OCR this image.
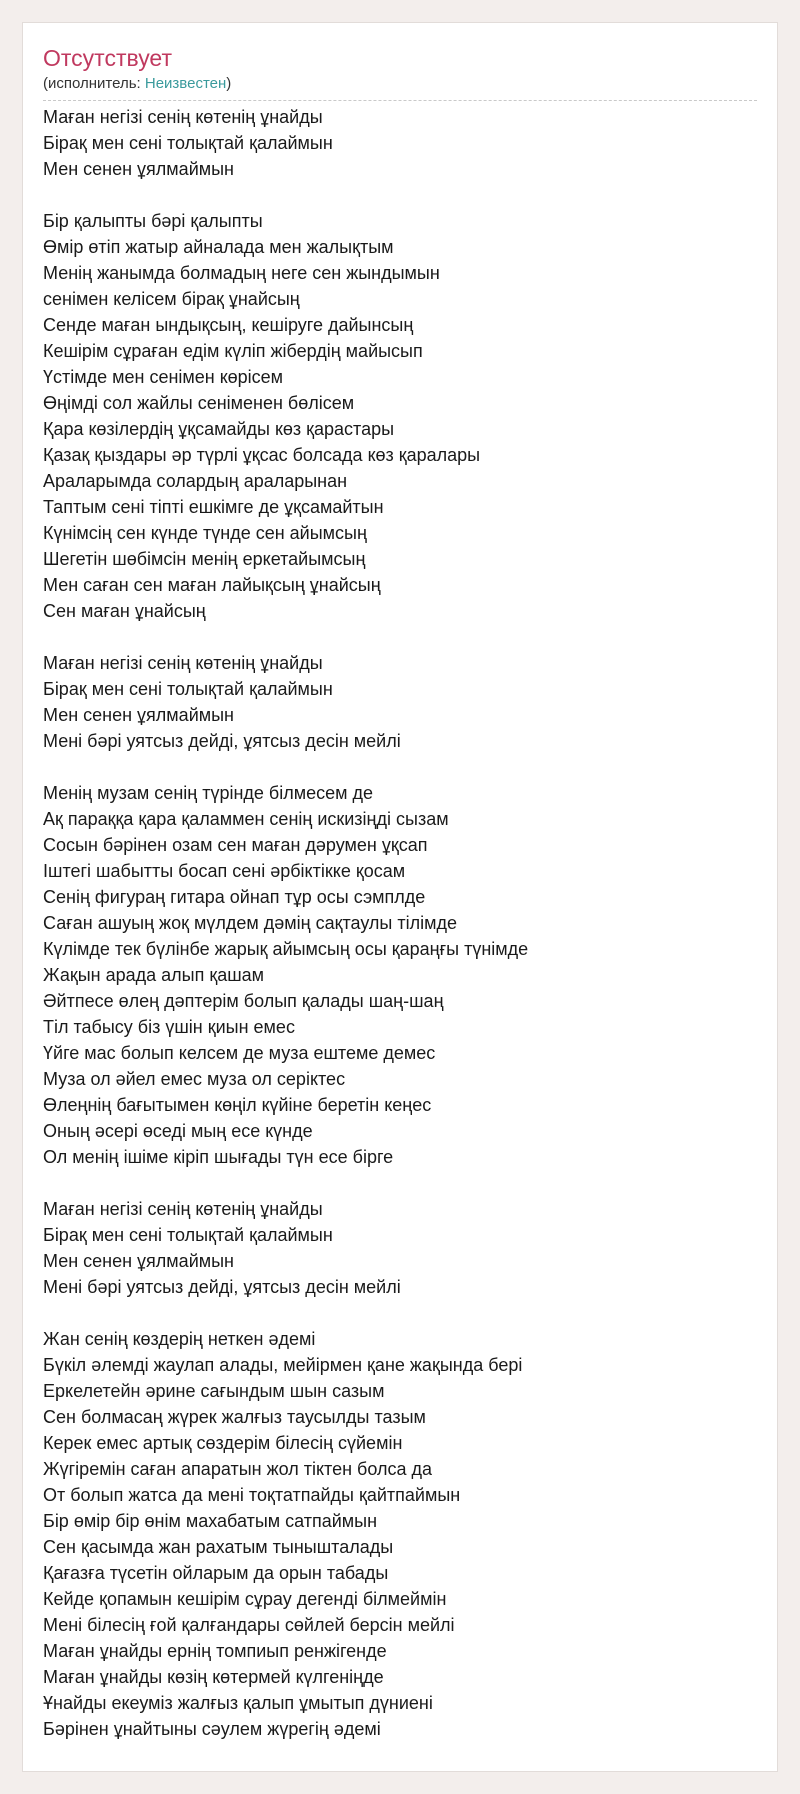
Отсутствует
(исполнитель: Неизвестен)
Маған негізі сенің көтенің ұнайды
Бірақ мен сені толықтай қалаймын
Мен сенен ұялмаймын
Бір қалыпты бәрі қалыпты
Өмір өтіп жатыр айналада мен жалықтым
Менің жанымда болмадың неге сен жындымын
сенімен келісем бірақ ұнайсың
Сенде маған ындықсың, кешіруге дайынсың
Кешірім сұраған едім күліп жібердің майысып
Үстімде мен сенімен көрісем
Өңімді сол жайлы сеніменен бөлісем
Қара көзілердің ұқсамайды көз қарастары
Қазақ қыздары әр түрлі ұқсас болсада көз қаралары
Араларымда солардың араларынан
Таптым сені тіпті ешкімге де ұқсамайтын
Күнімсің сен күнде түнде сен айымсың
Шегетін шөбімсін менің еркетайымсың
Мен саған сен маған лайықсың ұнайсың
Сен маған ұнайсың
Маған негізі сенің көтенің ұнайды
Бірақ мен сені толықтай қалаймын
Мен сенен ұялмаймын
Мені бәрі уятсыз дейді, ұятсыз десін мейлі
Менің музам сенің түрінде білмесем де
Ақ параққа қара қаламмен сенің искизіңді сызам
Сосын бәрінен озам сен маған дәрумен ұқсап
Іштегі шабытты босап сені әрбіктікке қосам
Сенің фигураң гитара ойнап тұр осы сэмплде
Саған ашуың жоқ мүлдем дәмің сақтаулы тілімде
Күлімде тек бүлінбе жарық айымсың осы қараңғы түнімде
Жақын арада алып қашам
Әйтпесе өлең дәптерім болып қалады шаң-шаң
Тіл табысу біз үшін қиын емес
Үйге мас болып келсем де муза ештеме демес
Муза ол әйел емес муза ол серіктес
Өлеңнің бағытымен көңіл күйіне беретін кеңес
Оның әсері өседі мың есе күнде
Ол менің ішіме кіріп шығады түн есе бірге
Маған негізі сенің көтенің ұнайды
Бірақ мен сені толықтай қалаймын
Мен сенен ұялмаймын
Мені бәрі уятсыз дейді, ұятсыз десін мейлі
Жан сенің көздерің неткен әдемі
Бүкіл әлемді жаулап алады, мейірмен қане жақында бері
Еркелетейн әрине сағындым шын сазым
Сен болмасаң жүрек жалғыз таусылды тазым
Керек емес артық сөздерім білесің сүйемін
Жүгіремін саған апаратын жол тіктен болса да
От болып жатса да мені тоқтатпайды қайтпаймын
Бір өмір бір өнім махабатым сатпаймын
Сен қасымда жан рахатым тынышталады
Қағазға түсетін ойларым да орын табады
Кейде қопамын кешірім сұрау дегенді білмеймін
Мені білесің ғой қалғандары сөйлей берсін мейлі
Маған ұнайды ернің томпиып ренжігенде
Маған ұнайды көзің көтермей күлгеніңде
Ұнайды екеуміз жалғыз қалып ұмытып дүниені
Бәрінен ұнайтыны сәулем жүрегің әдемі
